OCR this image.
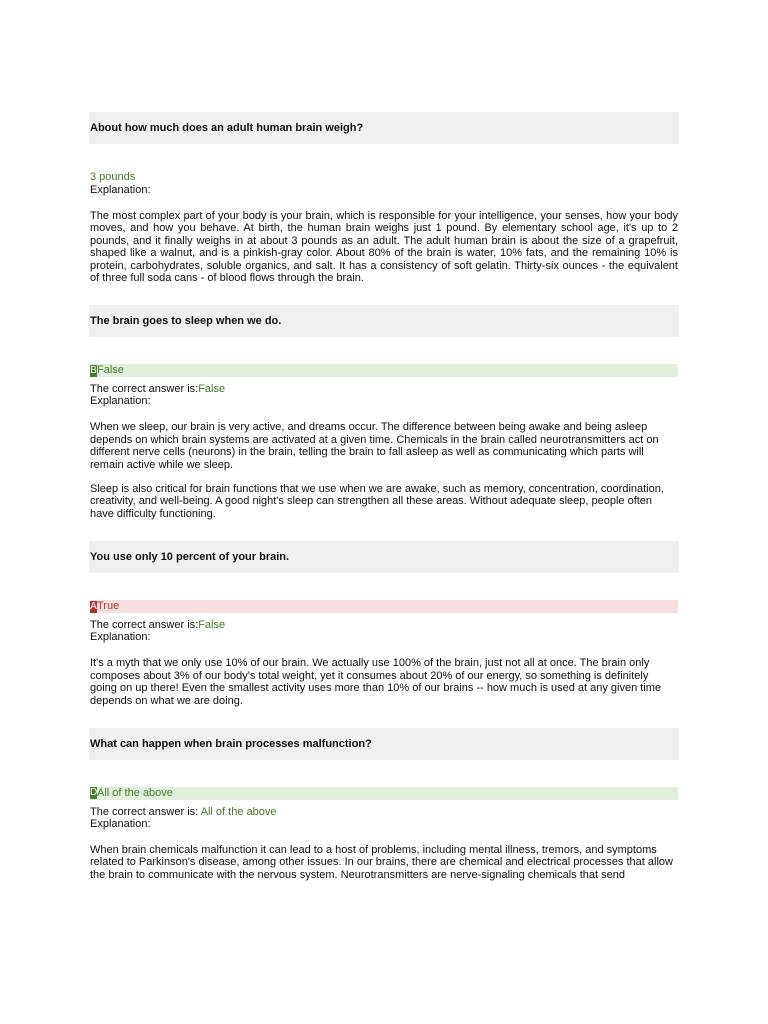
About how much does an adult human brain weigh?
3 pounds
Explanation:

The most complex part of your body is your brain, which is responsible for your intelligence, your senses, how your body moves, and how you behave. At birth, the human brain weighs just 1 pound. By elementary school age, it's up to 2 pounds, and it finally weighs in at about 3 pounds as an adult. The adult human brain is about the size of a grapefruit, shaped like a walnut, and is a pinkish-gray color. About 80% of the brain is water, 10% fats, and the remaining 10% is protein, carbohydrates, soluble organics, and salt. It has a consistency of soft gelatin. Thirty-six ounces - the equivalent of three full soda cans - of blood flows through the brain.

The brain goes to sleep when we do.
B False
The correct answer is:False
Explanation:

When we sleep, our brain is very active, and dreams occur. The difference between being awake and being asleep depends on which brain systems are activated at a given time. Chemicals in the brain called neurotransmitters act on different nerve cells (neurons) in the brain, telling the brain to fall asleep as well as communicating which parts will remain active while we sleep.

Sleep is also critical for brain functions that we use when we are awake, such as memory, concentration, coordination, creativity, and well-being. A good night's sleep can strengthen all these areas. Without adequate sleep, people often have difficulty functioning.

You use only 10 percent of your brain.
A True
The correct answer is:False
Explanation:

It's a myth that we only use 10% of our brain. We actually use 100% of the brain, just not all at once. The brain only composes about 3% of our body's total weight, yet it consumes about 20% of our energy, so something is definitely going on up there! Even the smallest activity uses more than 10% of our brains -- how much is used at any given time depends on what we are doing.

What can happen when brain processes malfunction?
D All of the above
The correct answer is: All of the above
Explanation:

When brain chemicals malfunction it can lead to a host of problems, including mental illness, tremors, and symptoms related to Parkinson's disease, among other issues. In our brains, there are chemical and electrical processes that allow the brain to communicate with the nervous system. Neurotransmitters are nerve-signaling chemicals that send
